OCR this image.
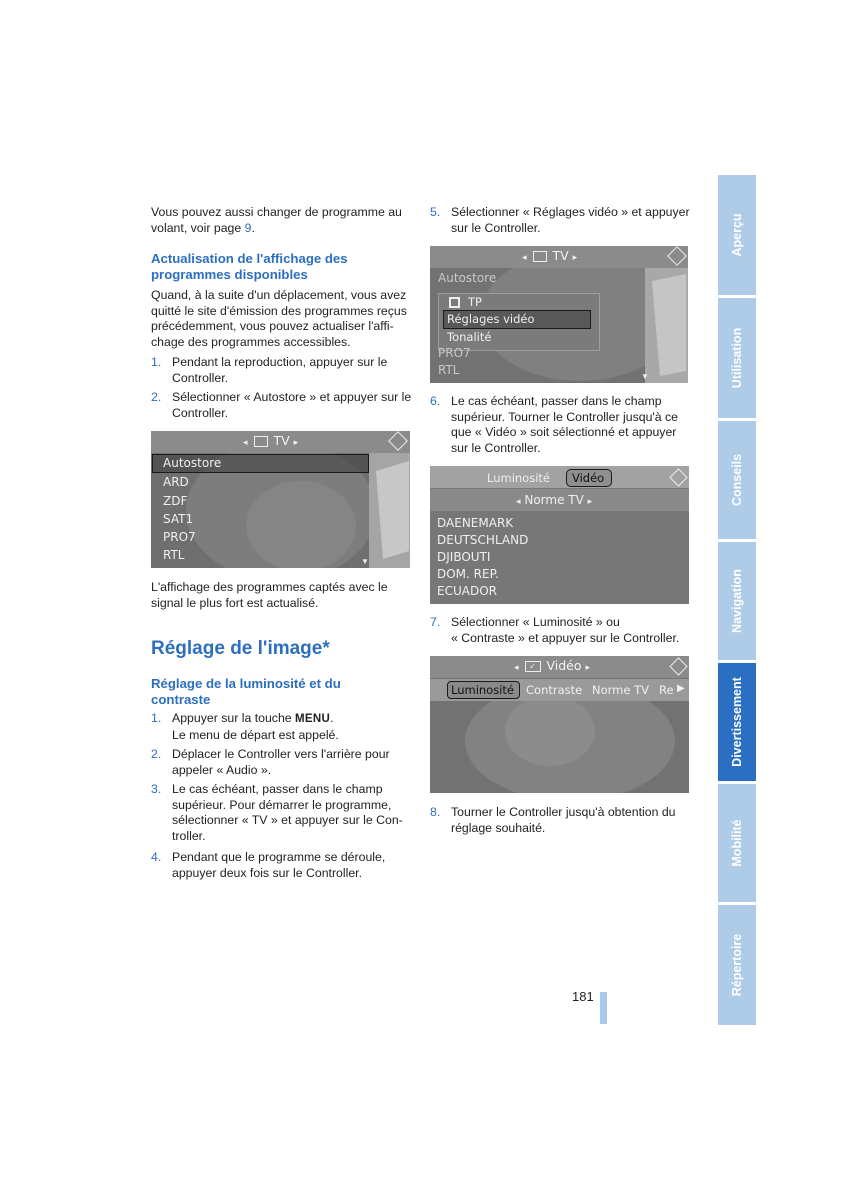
Vous pouvez aussi changer de programme au volant, voir page 9.
Actualisation de l'affichage des
programmes disponibles
Quand, à la suite d'un déplacement, vous avez
quitté le site d'émission des programmes reçus
précédemment, vous pouvez actualiser l'affi-
chage des programmes accessibles.
1. Pendant la reproduction, appuyer sur le
Controller.
2. Sélectionner « Autostore » et appuyer sur le
Controller.
◂ TV ▸
Autostore
ARD
ZDF
SAT1
PRO7
RTL	▼
L'affichage des programmes captés avec le
signal le plus fort est actualisé.
Réglage de l'image*
Réglage de la luminosité et du
contraste
1. Appuyer sur la touche MENU.
Le menu de départ est appelé.
2. Déplacer le Controller vers l'arrière pour
appeler « Audio ».
3. Le cas échéant, passer dans le champ
supérieur. Pour démarrer le programme,
sélectionner « TV » et appuyer sur le Con-
troller.
4. Pendant que le programme se déroule,
appuyer deux fois sur le Controller.
5. Sélectionner « Réglages vidéo » et appuyer
sur le Controller.
◂ TV ▸
Autostore
TP
Réglages vidéo
Tonalité
PRO7
RTL	▼
6. Le cas échéant, passer dans le champ
supérieur. Tourner le Controller jusqu'à ce
que « Vidéo » soit sélectionné et appuyer
sur le Controller.
Luminosité Vidéo
◂ Norme TV ▸
DAENEMARK
DEUTSCHLAND
DJIBOUTI
DOM. REP.
ECUADOR
7. Sélectionner « Luminosité » ou
« Contraste » et appuyer sur le Controller.
◂ ✓ Vidéo ▸
Luminosité Contraste Norme TV Re ▶
8. Tourner le Controller jusqu'à obtention du
réglage souhaité.
Aperçu
Utilisation
Conseils
Navigation
Divertissement
Mobilité
Répertoire
181
